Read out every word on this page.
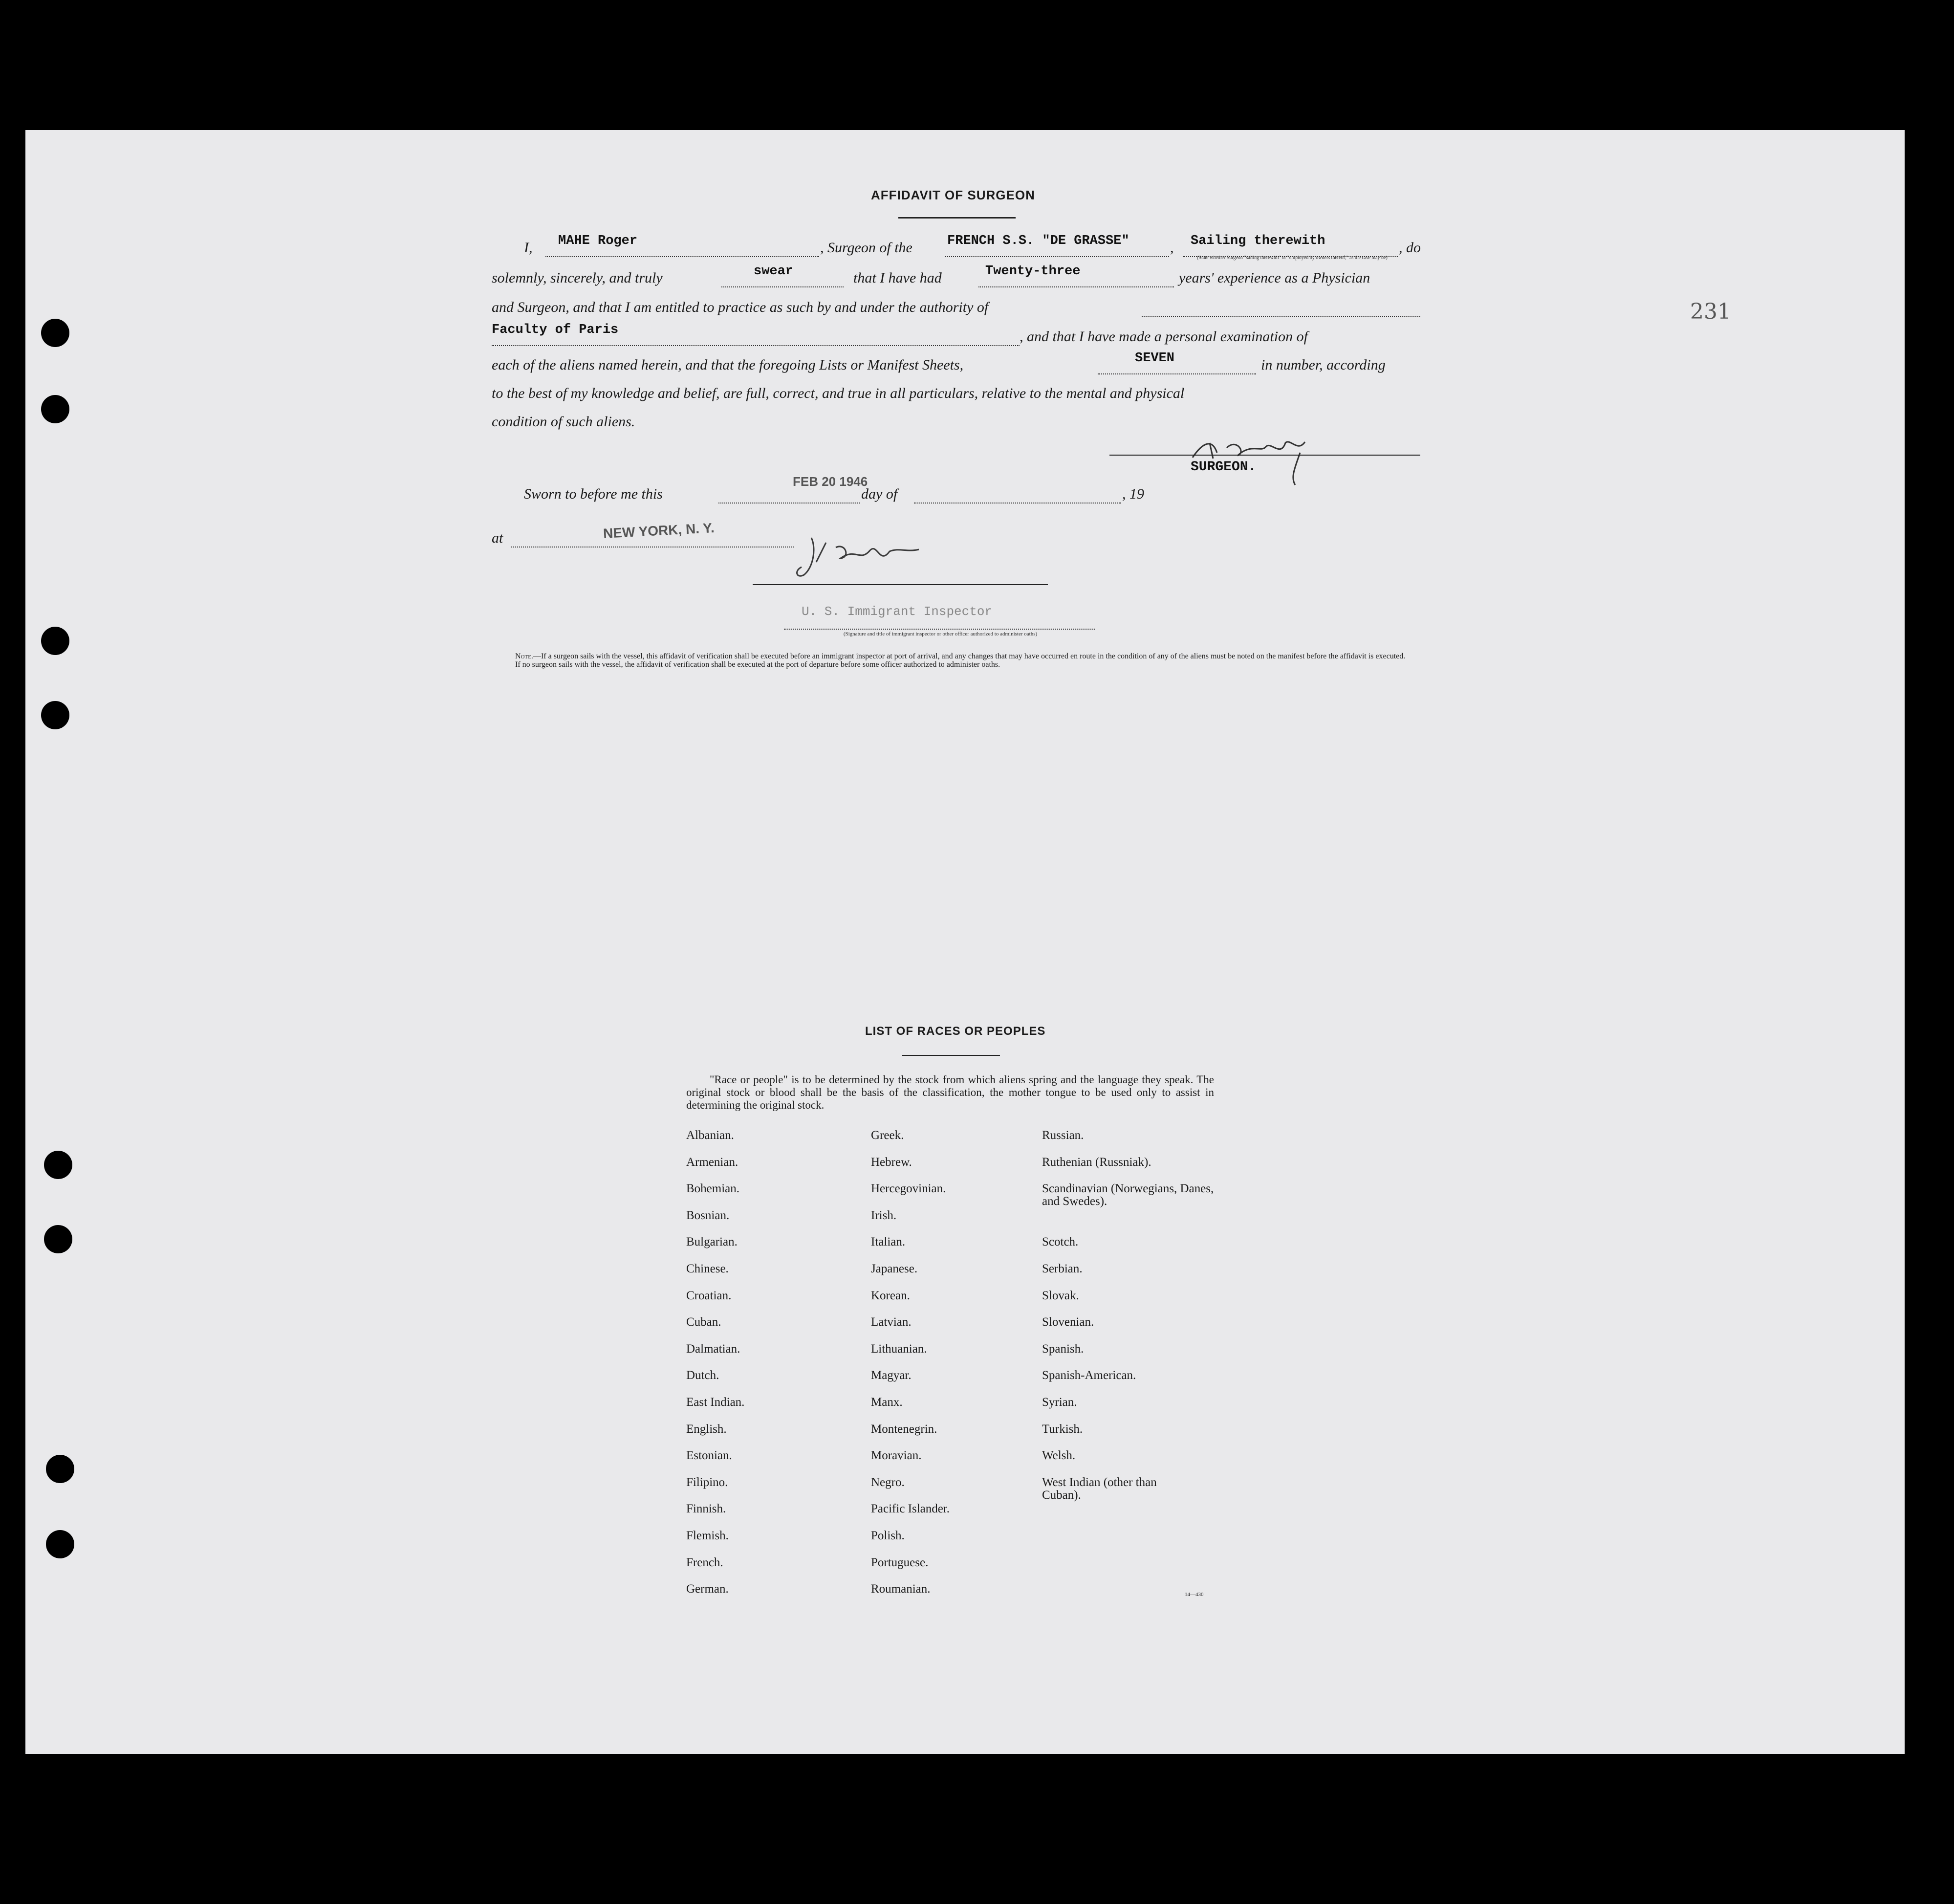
231
AFFIDAVIT OF SURGEON
I, MAHE Roger	, Surgeon of the	FRENCH S.S. "DE GRASSE"	, Sailing therewith	, do
(State whether Surgeon "sailing therewith" or "employed by owners thereof," as the case may be)
solemnly, sincerely, and truly	swear	that I have had	Twenty-three	years' experience as a Physician
and Surgeon, and that I am entitled to practice as such by and under the authority of
Faculty of Paris	, and that I have made a personal examination of
each of the aliens named herein, and that the foregoing Lists or Manifest Sheets,	SEVEN	in number, according
to the best of my knowledge and belief, are full, correct, and true in all particulars, relative to the mental and physical
condition of such aliens.
SURGEON.
Sworn to before me this
FEB 20 1946
day of	, 19
at	NEW YORK, N. Y.
U. S. Immigrant Inspector
(Signature and title of immigrant inspector or other officer authorized to administer oaths)
Note.—If a surgeon sails with the vessel, this affidavit of verification shall be executed before an immigrant inspector at port of arrival, and any changes that may have occurred en route in the condition of any of the aliens must be noted on the manifest before the affidavit is executed.
If no surgeon sails with the vessel, the affidavit of verification shall be executed at the port of departure before some officer authorized to administer oaths.
LIST OF RACES OR PEOPLES
"Race or people" is to be determined by the stock from which aliens spring and the language they speak. The original stock or blood shall be the basis of the classification, the mother tongue to be used only to assist in determining the original stock.
Albanian.
Armenian.
Bohemian.
Bosnian.
Bulgarian.
Chinese.
Croatian.
Cuban.
Dalmatian.
Dutch.
East Indian.
English.
Estonian.
Filipino.
Finnish.
Flemish.
French.
German.
Greek.
Hebrew.
Hercegovinian.
Irish.
Italian.
Japanese.
Korean.
Latvian.
Lithuanian.
Magyar.
Manx.
Montenegrin.
Moravian.
Negro.
Pacific Islander.
Polish.
Portuguese.
Roumanian.
Russian.
Ruthenian (Russniak).
Scandinavian (Norwegians, Danes, and Swedes).
Scotch.
Serbian.
Slovak.
Slovenian.
Spanish.
Spanish-American.
Syrian.
Turkish.
Welsh.
West Indian (other than Cuban).
14—430
